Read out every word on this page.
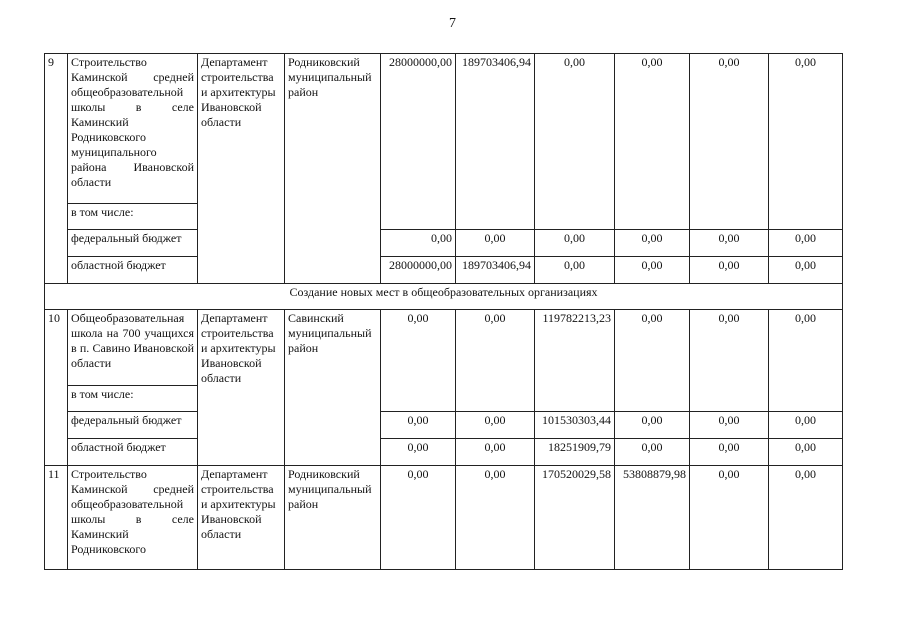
7
9	Строительство Каминской средней общеобразовательной школы в селе Каминский Родниковского муниципального района Ивановской области	Департамент строительства и архитектуры Ивановской области	Родниковский муниципальный район	28000000,00	189703406,94	0,00	0,00	0,00	0,00
	в том числе:								
	федеральный бюджет			0,00	0,00	0,00	0,00	0,00	0,00
	областной бюджет			28000000,00	189703406,94	0,00	0,00	0,00	0,00
Создание новых мест в общеобразовательных организациях									
10	Общеобразовательная школа на 700 учащихся в п. Савино Ивановской области	Департамент строительства и архитектуры Ивановской области	Савинский муниципальный район	0,00	0,00	119782213,23	0,00	0,00	0,00
	в том числе:								
	федеральный бюджет			0,00	0,00	101530303,44	0,00	0,00	0,00
	областной бюджет			0,00	0,00	18251909,79	0,00	0,00	0,00
11	Строительство Каминской средней общеобразовательной школы в селе Каминский Родниковского	Департамент строительства и архитектуры Ивановской области	Родниковский муниципальный район	0,00	0,00	170520029,58	53808879,98	0,00	0,00
